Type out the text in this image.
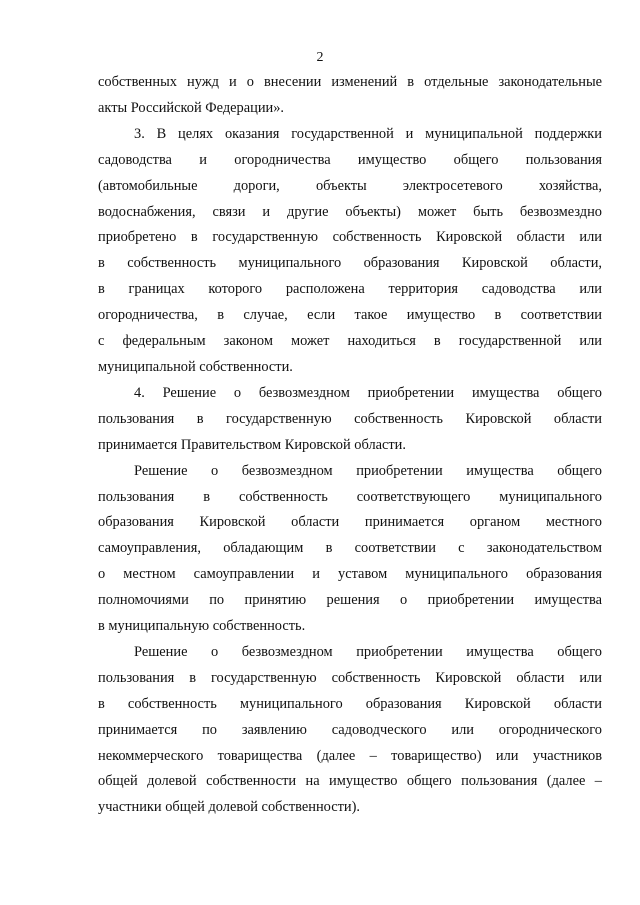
2
собственных нужд и о внесении изменений в отдельные законодательные
акты Российской Федерации».
3. В целях оказания государственной и муниципальной поддержки
садоводства и огородничества имущество общего пользования
(автомобильные дороги, объекты электросетевого хозяйства,
водоснабжения, связи и другие объекты) может быть безвозмездно
приобретено в государственную собственность Кировской области или
в собственность муниципального образования Кировской области,
в границах которого расположена территория садоводства или
огородничества, в случае, если такое имущество в соответствии
с федеральным законом может находиться в государственной или
муниципальной собственности.
4. Решение о безвозмездном приобретении имущества общего
пользования в государственную собственность Кировской области
принимается Правительством Кировской области.
Решение о безвозмездном приобретении имущества общего
пользования в собственность соответствующего муниципального
образования Кировской области принимается органом местного
самоуправления, обладающим в соответствии с законодательством
о местном самоуправлении и уставом муниципального образования
полномочиями по принятию решения о приобретении имущества
в муниципальную собственность.
Решение о безвозмездном приобретении имущества общего
пользования в государственную собственность Кировской области или
в собственность муниципального образования Кировской области
принимается по заявлению садоводческого или огороднического
некоммерческого товарищества (далее – товарищество) или участников
общей долевой собственности на имущество общего пользования (далее –
участники общей долевой собственности).
